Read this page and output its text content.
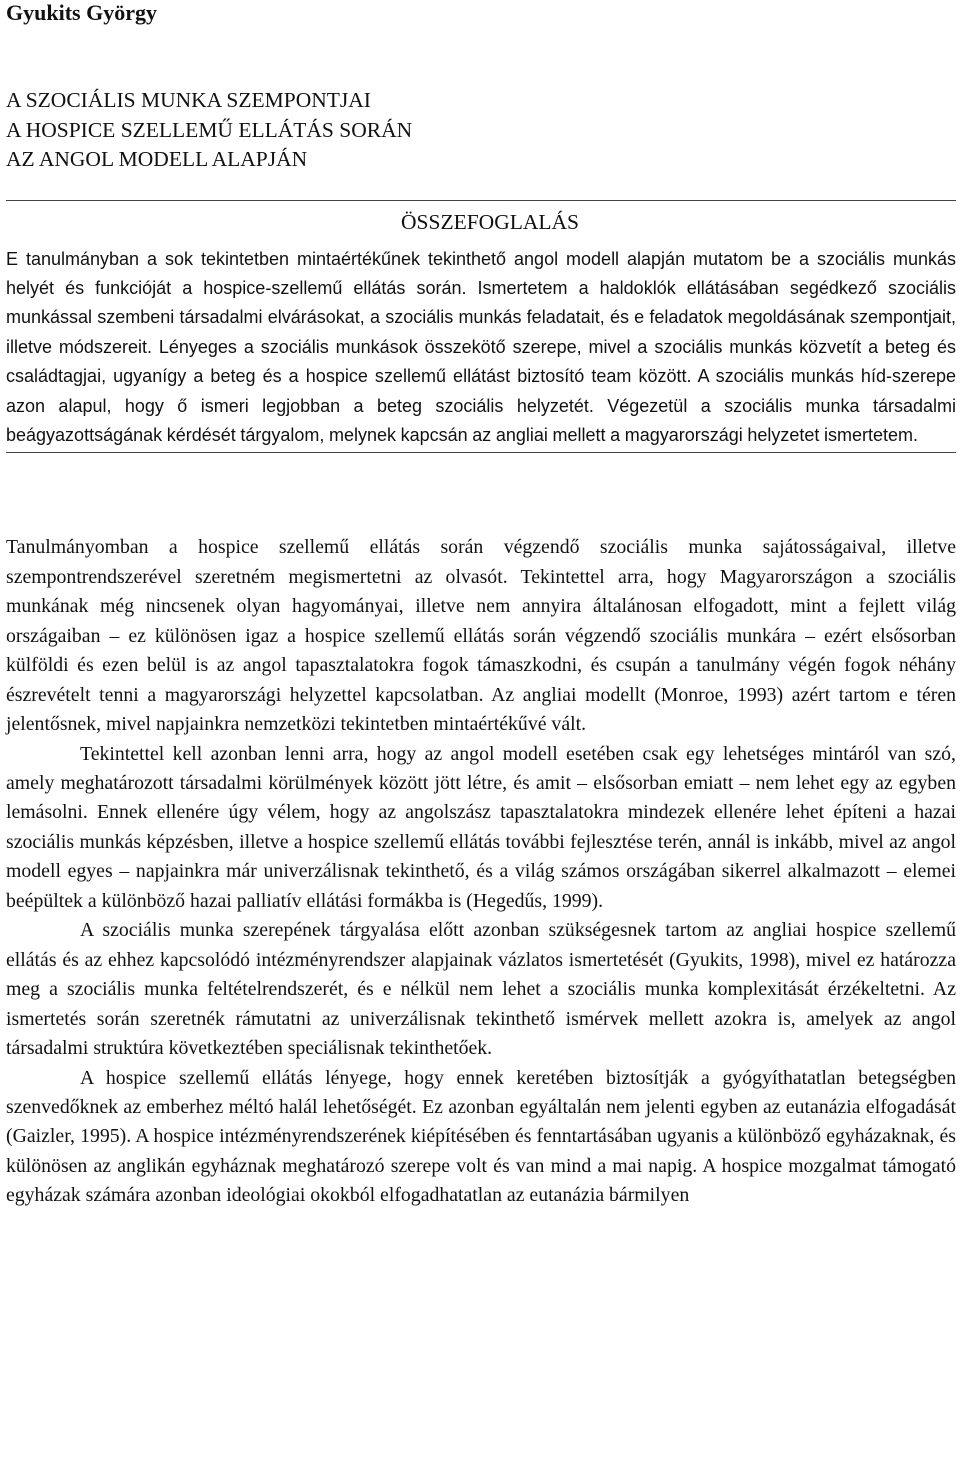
Gyukits György
A SZOCIÁLIS MUNKA SZEMPONTJAI
A HOSPICE SZELLEMŰ ELLÁTÁS SORÁN
AZ ANGOL MODELL ALAPJÁN
ÖSSZEFOGLALÁS
E tanulmányban a sok tekintetben mintaértékűnek tekinthető angol modell alapján mutatom be a szociális munkás helyét és funkcióját a hospice-szellemű ellátás során. Ismertetem a haldoklók ellátásában segédkező szociális munkással szembeni társadalmi elvárásokat, a szociális munkás feladatait, és e feladatok megoldásának szempontjait, illetve módszereit. Lényeges a szociális munkások összekötő szerepe, mivel a szociális munkás közvetít a beteg és családtagjai, ugyanígy a beteg és a hospice szellemű ellátást biztosító team között. A szociális munkás híd-szerepe azon alapul, hogy ő ismeri legjobban a beteg szociális helyzetét. Végezetül a szociális munka társadalmi beágyazottságának kérdését tárgyalom, melynek kapcsán az angliai mellett a magyarországi helyzetet ismertetem.

Tanulmányomban a hospice szellemű ellátás során végzendő szociális munka sajátosságaival, illetve szempontrendszerével szeretném megismertetni az olvasót. Tekintettel arra, hogy Magyarországon a szociális munkának még nincsenek olyan hagyományai, illetve nem annyira általánosan elfogadott, mint a fejlett világ országaiban – ez különösen igaz a hospice szellemű ellátás során végzendő szociális munkára – ezért elsősorban külföldi és ezen belül is az angol tapasztalatokra fogok támaszkodni, és csupán a tanulmány végén fogok néhány észrevételt tenni a magyarországi helyzettel kapcsolatban. Az angliai modellt (Monroe, 1993) azért tartom e téren jelentősnek, mivel napjainkra nemzetközi tekintetben mintaértékűvé vált.

Tekintettel kell azonban lenni arra, hogy az angol modell esetében csak egy lehetséges mintáról van szó, amely meghatározott társadalmi körülmények között jött létre, és amit – elsősorban emiatt – nem lehet egy az egyben lemásolni. Ennek ellenére úgy vélem, hogy az angolszász tapasztalatokra mindezek ellenére lehet építeni a hazai szociális munkás képzésben, illetve a hospice szellemű ellátás további fejlesztése terén, annál is inkább, mivel az angol modell egyes – napjainkra már univerzálisnak tekinthető, és a világ számos országában sikerrel alkalmazott – elemei beépültek a különböző hazai palliatív ellátási formákba is (Hegedűs, 1999).

A szociális munka szerepének tárgyalása előtt azonban szükségesnek tartom az angliai hospice szellemű ellátás és az ehhez kapcsolódó intézményrendszer alapjainak vázlatos ismertetését (Gyukits, 1998), mivel ez határozza meg a szociális munka feltételrendszerét, és e nélkül nem lehet a szociális munka komplexitását érzékeltetni. Az ismertetés során szeretnék rámutatni az univerzálisnak tekinthető ismérvek mellett azokra is, amelyek az angol társadalmi struktúra következtében speciálisnak tekinthetőek.

A hospice szellemű ellátás lényege, hogy ennek keretében biztosítják a gyógyíthatatlan betegségben szenvedőknek az emberhez méltó halál lehetőségét. Ez azonban egyáltalán nem jelenti egyben az eutanázia elfogadását (Gaizler, 1995). A hospice intézményrendszerének kiépítésében és fenntartásában ugyanis a különböző egyházaknak, és különösen az anglikán egyháznak meghatározó szerepe volt és van mind a mai napig. A hospice mozgalmat támogató egyházak számára azonban ideológiai okokból elfogadhatatlan az eutanázia bármilyen
